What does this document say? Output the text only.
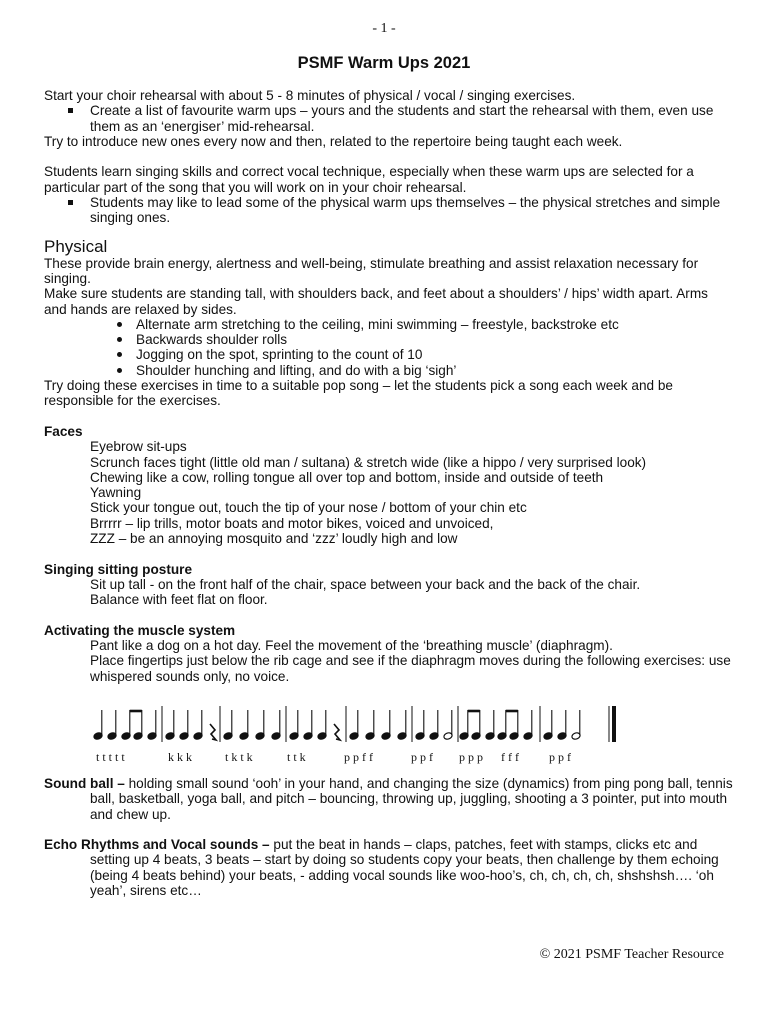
- 1 -
PSMF Warm Ups 2021

Start your choir rehearsal with about 5 - 8 minutes of physical / vocal / singing exercises.

Create a list of favourite warm ups – yours and the students and start the rehearsal with them, even use them as an ‘energiser’ mid-rehearsal.

Try to introduce new ones every now and then, related to the repertoire being taught each week.

Students learn singing skills and correct vocal technique, especially when these warm ups are selected for a particular part of the song that you will work on in your choir rehearsal.

Students may like to lead some of the physical warm ups themselves – the physical stretches and simple singing ones.
Physical

These provide brain energy, alertness and well-being, stimulate breathing and assist relaxation necessary for singing.

Make sure students are standing tall, with shoulders back, and feet about a shoulders’ / hips’ width apart. Arms and hands are relaxed by sides.

Alternate arm stretching to the ceiling, mini swimming – freestyle, backstroke etc
Backwards shoulder rolls
Jogging on the spot, sprinting to the count of 10
Shoulder hunching and lifting, and do with a big ‘sigh’

Try doing these exercises in time to a suitable pop song – let the students pick a song each week and be responsible for the exercises.

Faces

Eyebrow sit-ups

Scrunch faces tight (little old man / sultana) & stretch wide (like a hippo / very surprised look)

Chewing like a cow, rolling tongue all over top and bottom, inside and outside of teeth

Yawning

Stick your tongue out, touch the tip of your nose / bottom of your chin etc

Brrrrr – lip trills, motor boats and motor bikes, voiced and unvoiced,

ZZZ – be an annoying mosquito and ‘zzz’ loudly high and low

Singing sitting posture

Sit up tall - on the front half of the chair, space between your back and the back of the chair.

Balance with feet flat on floor.

Activating the muscle system

Pant like a dog on a hot day. Feel the movement of the ‘breathing muscle’ (diaphragm).

Place fingertips just below the rib cage and see if the diaphragm moves during the following exercises: use whispered sounds only, no voice.

t t t t t	k k k	t k t k	t t k	p p f f	p p f p p p f f f	p p f

Sound ball – holding small sound ‘ooh’ in your hand, and changing the size (dynamics) from ping pong ball, tennis ball, basketball, yoga ball, and pitch – bouncing, throwing up, juggling, shooting a 3 pointer, put into mouth and chew up.

Echo Rhythms and Vocal sounds – put the beat in hands – claps, patches, feet with stamps, clicks etc and setting up 4 beats, 3 beats – start by doing so students copy your beats, then challenge by them echoing (being 4 beats behind) your beats, - adding vocal sounds like woo-hoo’s, ch, ch, ch, ch, shshshsh…. ‘oh yeah’, sirens etc…

© 2021 PSMF Teacher Resource
